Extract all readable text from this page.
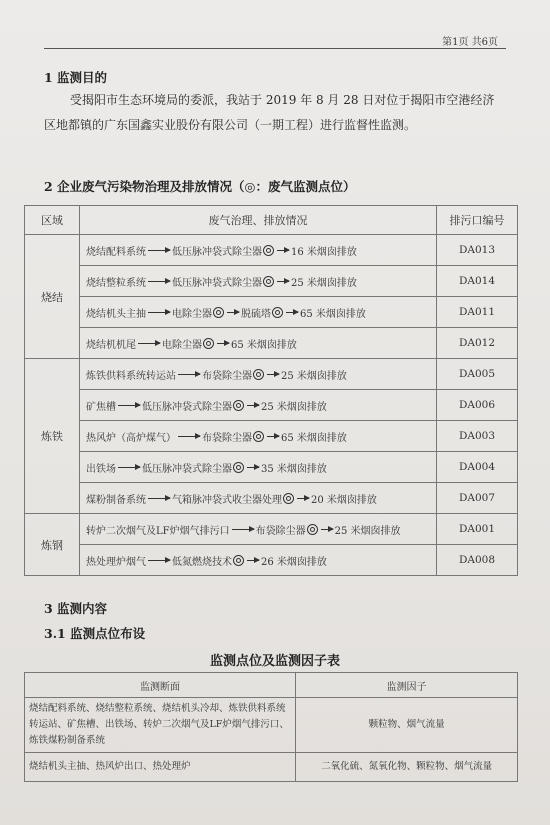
第1页 共6页
1 监测目的
受揭阳市生态环境局的委派，我站于 2019 年 8 月 28 日对位于揭阳市空港经济区地都镇的广东国鑫实业股份有限公司（一期工程）进行监督性监测。
2 企业废气污染物治理及排放情况（◎：废气监测点位）
区域	废气治理、排放情况	排污口编号
烧结	烧结配料系统 低压脉冲袋式除尘器 16 米烟囱排放	DA013
	烧结整粒系统 低压脉冲袋式除尘器 25 米烟囱排放	DA014
	烧结机头主抽 电除尘器 脱硫塔 65 米烟囱排放	DA011
	烧结机机尾 电除尘器 65 米烟囱排放	DA012
炼铁	炼铁供料系统转运站 布袋除尘器 25 米烟囱排放	DA005
	矿焦槽 低压脉冲袋式除尘器 25 米烟囱排放	DA006
	热风炉（高炉煤气） 布袋除尘器 65 米烟囱排放	DA003
	出铁场 低压脉冲袋式除尘器 35 米烟囱排放	DA004
	煤粉制备系统 气箱脉冲袋式收尘器处理 20 米烟囱排放	DA007
炼钢	转炉二次烟气及LF炉烟气排污口 布袋除尘器 25 米烟囱排放	DA001
	热处理炉烟气 低氮燃烧技术 26 米烟囱排放	DA008
3 监测内容
3.1 监测点位布设
监测点位及监测因子表
监测断面	监测因子
烧结配料系统、烧结整粒系统、烧结机头冷却、炼铁供料系统转运站、矿焦槽、出铁场、转炉二次烟气及LF炉烟气排污口、炼铁煤粉制备系统	颗粒物、烟气流量
烧结机头主抽、热风炉出口、热处理炉	二氧化硫、氮氧化物、颗粒物、烟气流量
